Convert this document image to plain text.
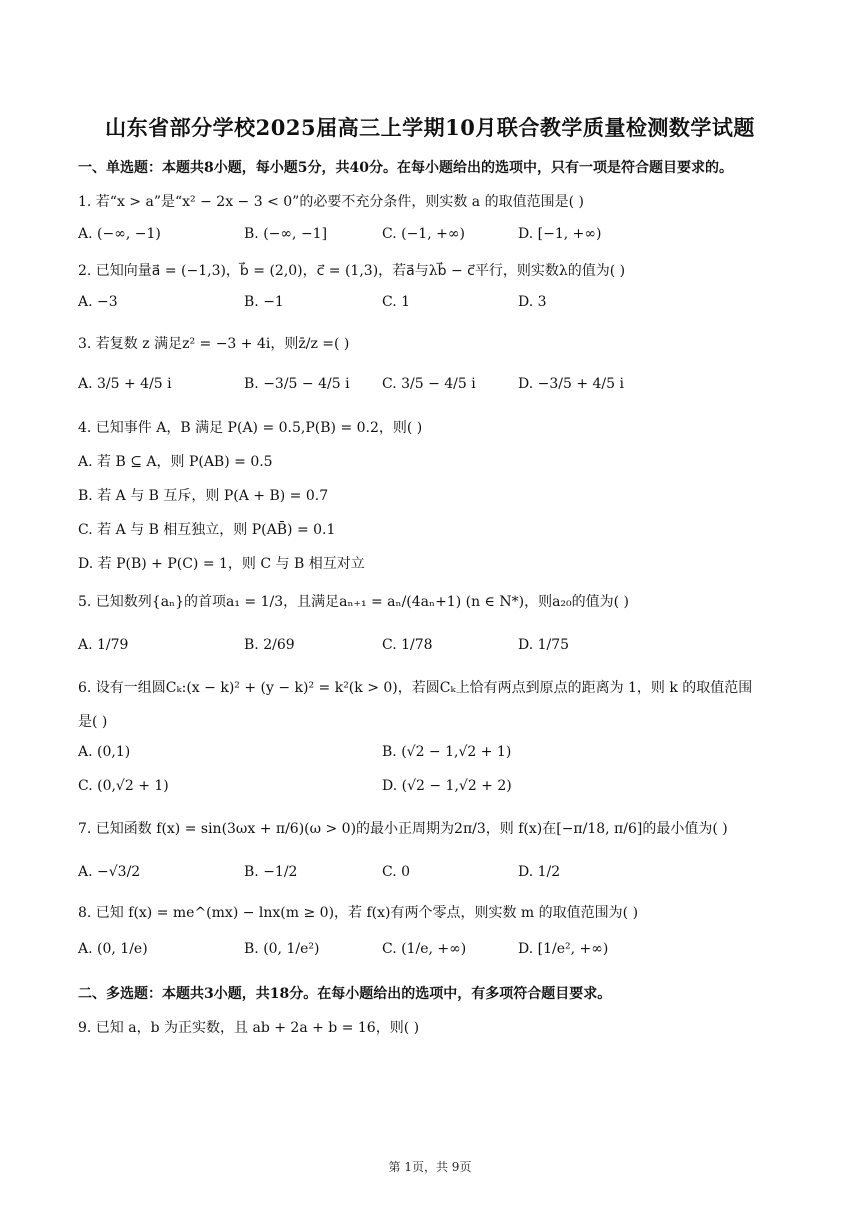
山东省部分学校2025届高三上学期10月联合教学质量检测数学试题
一、单选题：本题共8小题，每小题5分，共40分。在每小题给出的选项中，只有一项是符合题目要求的。
1. 若“x > a”是“x² − 2x − 3 < 0”的必要不充分条件，则实数 a 的取值范围是( )
A. (−∞, −1)	B. (−∞, −1]	C. (−1, +∞)	D. [−1, +∞)
2. 已知向量a⃗ = (−1,3)，b⃗ = (2,0)，c⃗ = (1,3)，若a⃗与λb⃗ − c⃗平行，则实数λ的值为( )
A. −3	B. −1	C. 1	D. 3
3. 若复数 z 满足z² = −3 + 4i，则z̄/z =( )
A. 3/5 + 4/5 i	B. −3/5 − 4/5 i C. 3/5 − 4/5 i	D. −3/5 + 4/5 i
4. 已知事件 A，B 满足 P(A) = 0.5,P(B) = 0.2，则( )
A. 若 B ⊆ A，则 P(AB) = 0.5
B. 若 A 与 B 互斥，则 P(A + B) = 0.7
C. 若 A 与 B 相互独立，则 P(AB̄) = 0.1
D. 若 P(B) + P(C) = 1，则 C 与 B 相互对立
5. 已知数列{aₙ}的首项a₁ = 1/3，且满足aₙ₊₁ = aₙ/(4aₙ+1) (n ∈ N*)，则a₂₀的值为( )
A. 1/79	B. 2/69	C. 1/78	D. 1/75
6. 设有一组圆Cₖ:(x − k)² + (y − k)² = k²(k > 0)，若圆Cₖ上恰有两点到原点的距离为 1，则 k 的取值范围
是( )
A. (0,1)	B. (√2 − 1,√2 + 1)
C. (0,√2 + 1)	D. (√2 − 1,√2 + 2)
7. 已知函数 f(x) = sin(3ωx + π/6)(ω > 0)的最小正周期为2π/3，则 f(x)在[−π/18, π/6]的最小值为( )
A. −√3/2	B. −1/2	C. 0	D. 1/2
8. 已知 f(x) = me^(mx) − lnx(m ≥ 0)，若 f(x)有两个零点，则实数 m 的取值范围为( )
A. (0, 1/e)	B. (0, 1/e²)	C. (1/e, +∞)	D. [1/e², +∞)
二、多选题：本题共3小题，共18分。在每小题给出的选项中，有多项符合题目要求。
9. 已知 a，b 为正实数，且 ab + 2a + b = 16，则( )
第 1页，共 9页
